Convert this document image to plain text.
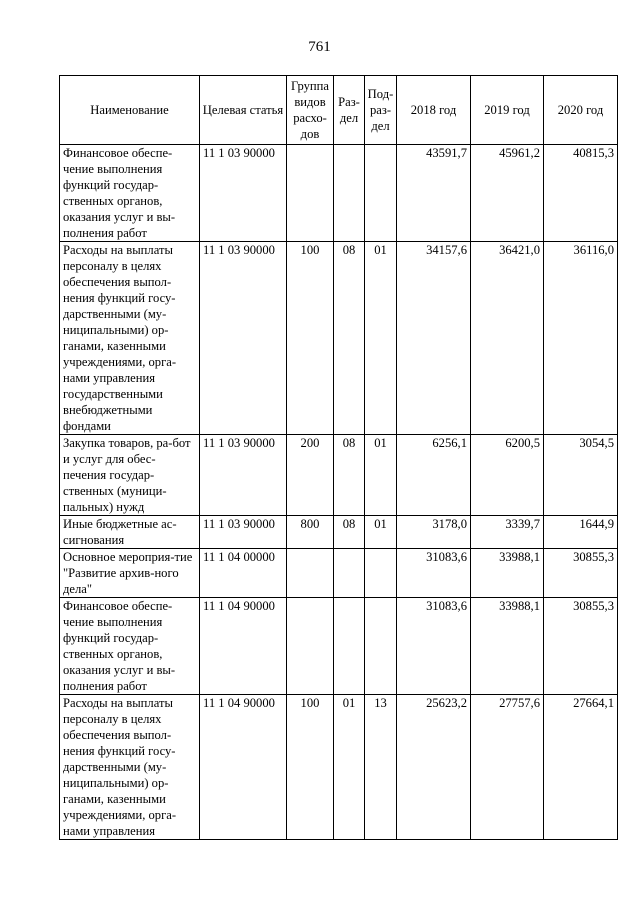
761
Наименование	Целевая статья	Группа видов расхо-дов	Раз-дел	Под-раз-дел	2018 год	2019 год	2020 год
Финансовое обеспе-чение выполнения функций государ-ственных органов, оказания услуг и вы-полнения работ	11 1 03 90000				43591,7	45961,2	40815,3
Расходы на выплаты персоналу в целях обеспечения выпол-нения функций госу-дарственными (му-ниципальными) ор-ганами, казенными учреждениями, орга-нами управления государственными внебюджетными фондами	11 1 03 90000	100	08	01	34157,6	36421,0	36116,0
Закупка товаров, ра-бот и услуг для обес-печения государ-ственных (муници-пальных) нужд	11 1 03 90000	200	08	01	6256,1	6200,5	3054,5
Иные бюджетные ас-сигнования	11 1 03 90000	800	08	01	3178,0	3339,7	1644,9
Основное мероприя-тие "Развитие архив-ного дела"	11 1 04 00000				31083,6	33988,1	30855,3
Финансовое обеспе-чение выполнения функций государ-ственных органов, оказания услуг и вы-полнения работ	11 1 04 90000				31083,6	33988,1	30855,3
Расходы на выплаты персоналу в целях обеспечения выпол-нения функций госу-дарственными (му-ниципальными) ор-ганами, казенными учреждениями, орга-нами управления	11 1 04 90000	100	01	13	25623,2	27757,6	27664,1
